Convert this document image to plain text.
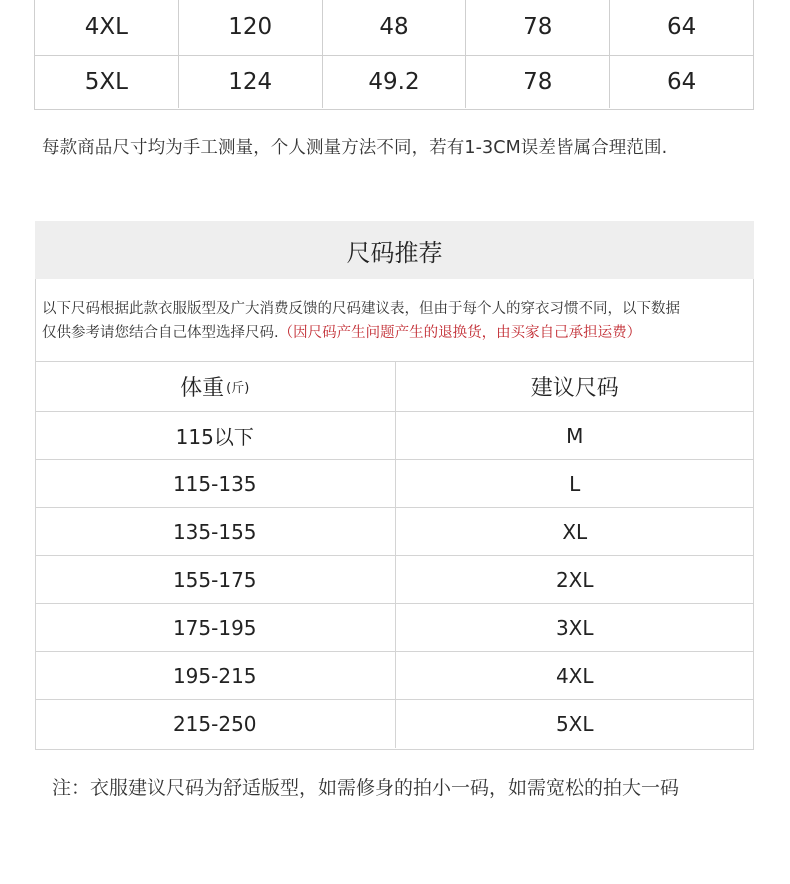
4XL	120	48	78	64
5XL	124	49.2	78	64
每款商品尺寸均为手工测量，个人测量方法不同，若有1-3CM误差皆属合理范围.
尺码推荐
以下尺码根据此款衣服版型及广大消费反馈的尺码建议表，但由于每个人的穿衣习惯不同，以下数据
仅供参考请您结合自己体型选择尺码.（因尺码产生问题产生的退换货，由买家自己承担运费）
体重 (斤)	建议尺码
115以下	M
115-135	L
135-155	XL
155-175	2XL
175-195	3XL
195-215	4XL
215-250	5XL
注：衣服建议尺码为舒适版型，如需修身的拍小一码，如需宽松的拍大一码
